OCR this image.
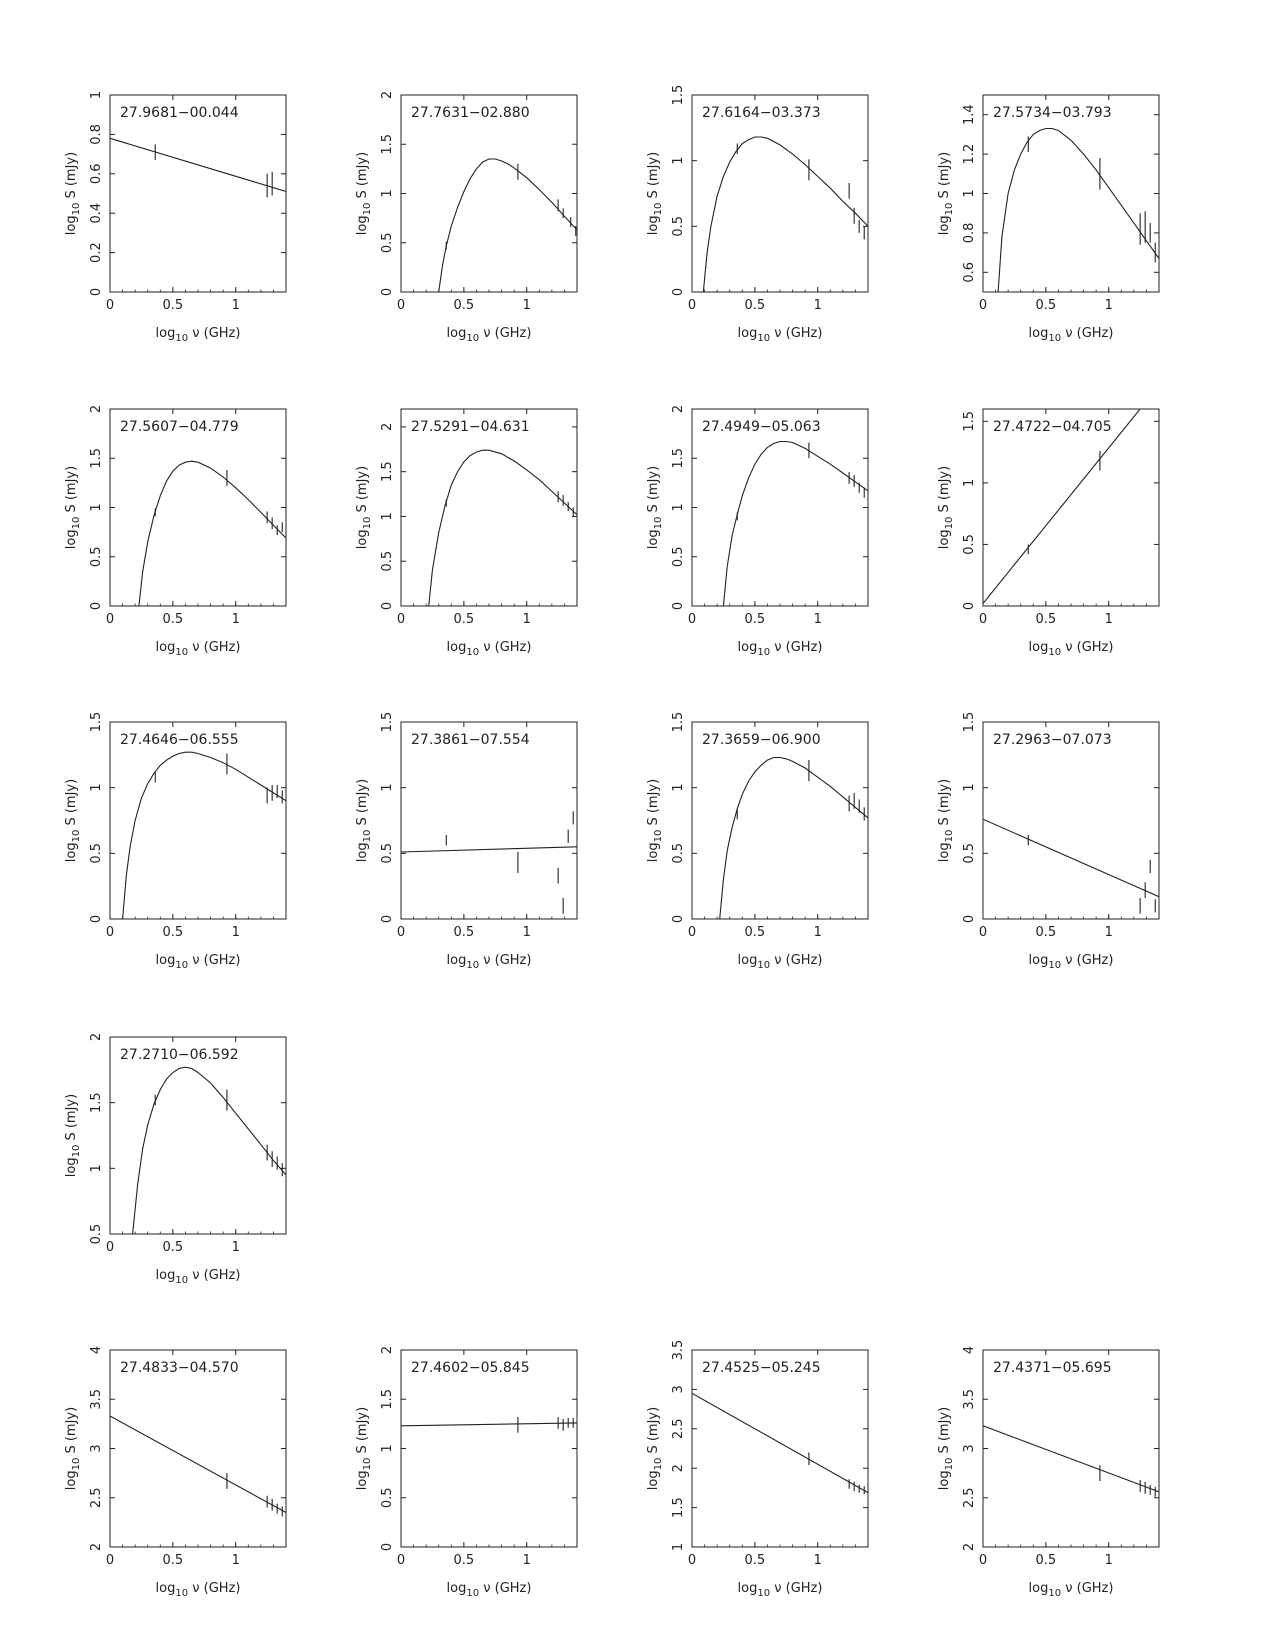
0	0.5	1
0
0.2
0.4
0.6
0.8
1
27.9681−00.044
$\log_{10} \nu$ (GHz)
$\log_{10} S$ (mJy)
0	0.5	1
0
0.5
1
1.5
2
27.7631−02.880
$\log_{10} \nu$ (GHz)
$\log_{10} S$ (mJy)
0	0.5	1
0
0.5
1
1.5
27.6164−03.373
$\log_{10} \nu$ (GHz)
$\log_{10} S$ (mJy)
0	0.5	1
0.6
0.8
1
1.2
1.4 27.5734−03.793
$\log_{10} \nu$ (GHz)
$\log_{10} S$ (mJy)
0	0.5	1
0
0.5
1
1.5
2
27.5607−04.779
$\log_{10} \nu$ (GHz)
$\log_{10} S$ (mJy)
0	0.5	1
0
0.5
1
1.5
2 27.5291−04.631
$\log_{10} \nu$ (GHz)
$\log_{10} S$ (mJy)
0	0.5	1
0
0.5
1
1.5
2
27.4949−05.063
$\log_{10} \nu$ (GHz)
$\log_{10} S$ (mJy)
0	0.5	1
0
0.5
1
1.5 27.4722−04.705
$\log_{10} \nu$ (GHz)
$\log_{10} S$ (mJy)
0	0.5	1
0
0.5
1
1.5
27.4646−06.555
$\log_{10} \nu$ (GHz)
$\log_{10} S$ (mJy)
0	0.5	1
0
0.5
1
1.5
27.3861−07.554
$\log_{10} \nu$ (GHz)
$\log_{10} S$ (mJy)
0	0.5	1
0
0.5
1
1.5
27.3659−06.900
$\log_{10} \nu$ (GHz)
$\log_{10} S$ (mJy)
0	0.5	1
0
0.5
1
1.5
27.2963−07.073
$\log_{10} \nu$ (GHz)
$\log_{10} S$ (mJy)
0	0.5	1
0.5
1
1.5
2
27.2710−06.592
$\log_{10} \nu$ (GHz)
$\log_{10} S$ (mJy)
0	0.5	1
2
2.5
3
3.5
4
27.4833−04.570
$\log_{10} \nu$ (GHz)
$\log_{10} S$ (mJy)
0	0.5	1
0
0.5
1
1.5
2
27.4602−05.845
$\log_{10} \nu$ (GHz)
$\log_{10} S$ (mJy)
0	0.5	1
1
1.5
2
2.5
3
3.5
27.4525−05.245
$\log_{10} \nu$ (GHz)
$\log_{10} S$ (mJy)
0	0.5	1
2
2.5
3
3.5
4
27.4371−05.695
$\log_{10} \nu$ (GHz)
$\log_{10} S$ (mJy)
